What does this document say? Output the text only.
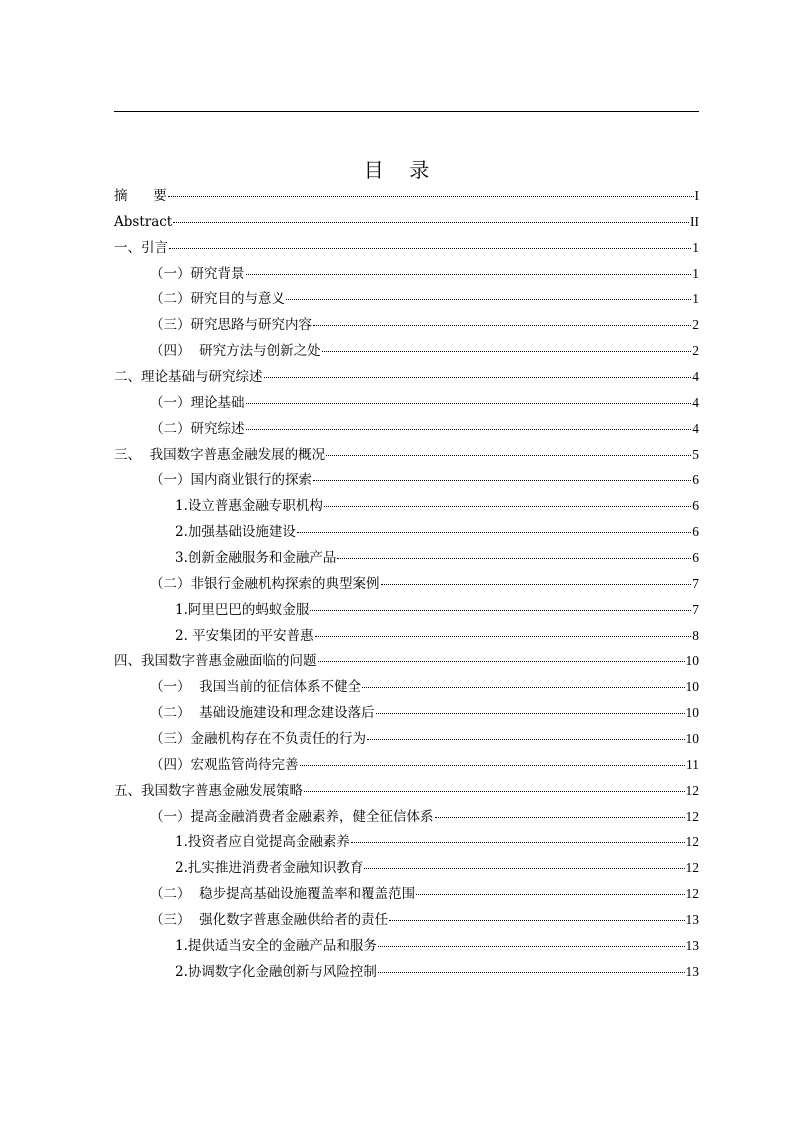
目    录
摘      要	I
Abstract	II
一、引言	1
（一）研究背景	1
（二）研究目的与意义	1
（三）研究思路与研究内容	2
（四）  研究方法与创新之处	2
二、理论基础与研究综述	4
（一）理论基础	4
（二）研究综述	4
三、  我国数字普惠金融发展的概况	5
（一）国内商业银行的探索	6
1.设立普惠金融专职机构	6
2.加强基础设施建设	6
3.创新金融服务和金融产品	6
（二）非银行金融机构探索的典型案例	7
1.阿里巴巴的蚂蚁金服	7
2. 平安集团的平安普惠	8
四、我国数字普惠金融面临的问题	10
（一）  我国当前的征信体系不健全	10
（二）  基础设施建设和理念建设落后	10
（三）金融机构存在不负责任的行为	10
（四）宏观监管尚待完善	11
五、我国数字普惠金融发展策略	12
（一）提高金融消费者金融素养，健全征信体系	12
1.投资者应自觉提高金融素养	12
2.扎实推进消费者金融知识教育	12
（二）  稳步提高基础设施覆盖率和覆盖范围	12
（三）  强化数字普惠金融供给者的责任	13
1.提供适当安全的金融产品和服务	13
2.协调数字化金融创新与风险控制	13
